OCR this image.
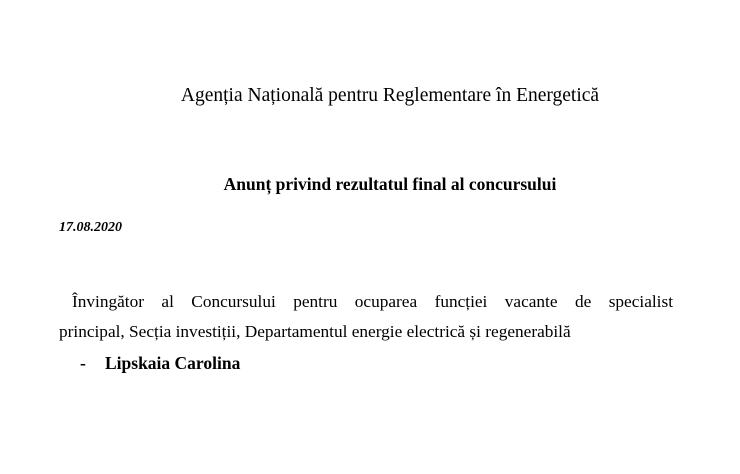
Agenția Națională pentru Reglementare în Energetică
Anunț privind rezultatul final al concursului
17.08.2020
Învingător al Concursului pentru ocuparea funcției vacante de specialist
principal, Secția investiții, Departamentul energie electrică și regenerabilă
- Lipskaia Carolina
